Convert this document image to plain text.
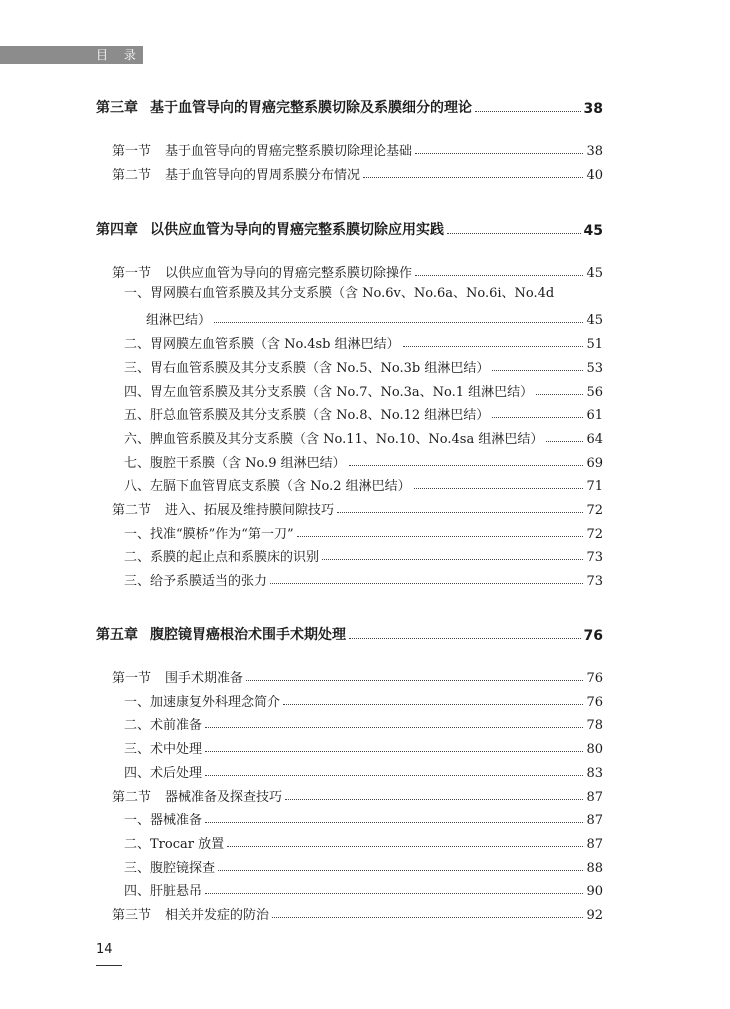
目 录
第三章 基于血管导向的胃癌完整系膜切除及系膜细分的理论	38
第一节 基于血管导向的胃癌完整系膜切除理论基础	38
第二节 基于血管导向的胃周系膜分布情况	40
第四章 以供应血管为导向的胃癌完整系膜切除应用实践	45
第一节 以供应血管为导向的胃癌完整系膜切除操作	45
一、胃网膜右血管系膜及其分支系膜（含 No.6v、No.6a、No.6i、No.4d
组淋巴结）	45
二、胃网膜左血管系膜（含 No.4sb 组淋巴结）	51
三、胃右血管系膜及其分支系膜（含 No.5、No.3b 组淋巴结）	53
四、胃左血管系膜及其分支系膜（含 No.7、No.3a、No.1 组淋巴结）	56
五、肝总血管系膜及其分支系膜（含 No.8、No.12 组淋巴结）	61
六、脾血管系膜及其分支系膜（含 No.11、No.10、No.4sa 组淋巴结）	64
七、腹腔干系膜（含 No.9 组淋巴结）	69
八、左膈下血管胃底支系膜（含 No.2 组淋巴结）	71
第二节 进入、拓展及维持膜间隙技巧	72
一、找准“膜桥”作为“第一刀”	72
二、系膜的起止点和系膜床的识别	73
三、给予系膜适当的张力	73
第五章 腹腔镜胃癌根治术围手术期处理	76
第一节 围手术期准备	76
一、加速康复外科理念简介	76
二、术前准备	78
三、术中处理	80
四、术后处理	83
第二节 器械准备及探查技巧	87
一、器械准备	87
二、Trocar 放置	87
三、腹腔镜探查	88
四、肝脏悬吊	90
第三节 相关并发症的防治	92
14
